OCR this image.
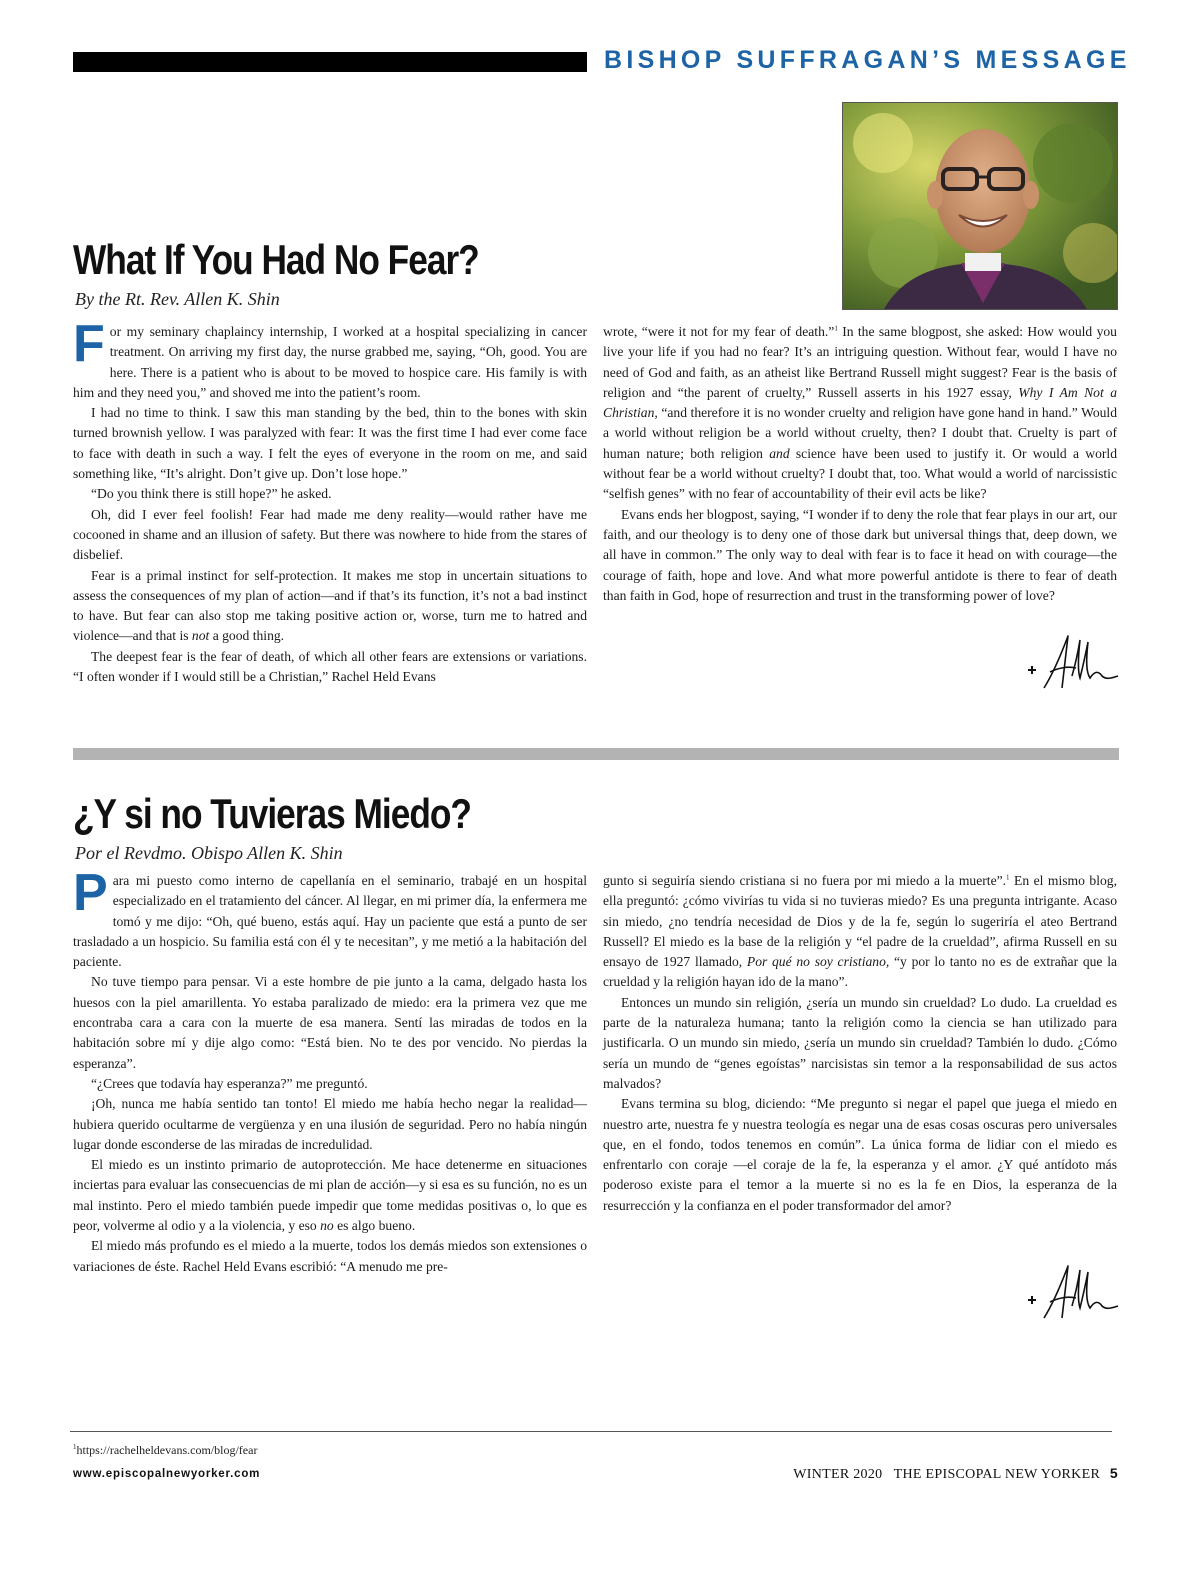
BISHOP SUFFRAGAN’S MESSAGE
What If You Had No Fear?
By the Rt. Rev. Allen K. Shin

For my seminary chaplaincy internship, I worked at a hospital specializing in cancer treatment. On arriving my first day, the nurse grabbed me, saying, “Oh, good. You are here. There is a patient who is about to be moved to hospice care. His family is with him and they need you,” and shoved me into the patient’s room.

I had no time to think. I saw this man standing by the bed, thin to the bones with skin turned brownish yellow. I was paralyzed with fear: It was the first time I had ever come face to face with death in such a way. I felt the eyes of everyone in the room on me, and said something like, “It’s alright. Don’t give up. Don’t lose hope.”

“Do you think there is still hope?” he asked.

Oh, did I ever feel foolish! Fear had made me deny reality—would rather have me cocooned in shame and an illusion of safety. But there was nowhere to hide from the stares of disbelief.

Fear is a primal instinct for self-protection. It makes me stop in uncertain situations to assess the consequences of my plan of action—and if that’s its function, it’s not a bad instinct to have. But fear can also stop me taking positive action or, worse, turn me to hatred and violence—and that is not a good thing.

The deepest fear is the fear of death, of which all other fears are extensions or variations. “I often wonder if I would still be a Christian,” Rachel Held Evans

wrote, “were it not for my fear of death.”$^1$ In the same blogpost, she asked: How would you live your life if you had no fear? It’s an intriguing question. Without fear, would I have no need of God and faith, as an atheist like Bertrand Russell might suggest? Fear is the basis of religion and “the parent of cruelty,” Russell asserts in his 1927 essay, Why I Am Not a Christian, “and therefore it is no wonder cruelty and religion have gone hand in hand.” Would a world without religion be a world without cruelty, then? I doubt that. Cruelty is part of human nature; both religion and science have been used to justify it. Or would a world without fear be a world without cruelty? I doubt that, too. What would a world of narcissistic “selfish genes” with no fear of accountability of their evil acts be like?

Evans ends her blogpost, saying, “I wonder if to deny the role that fear plays in our art, our faith, and our theology is to deny one of those dark but universal things that, deep down, we all have in common.” The only way to deal with fear is to face it head on with courage—the courage of faith, hope and love. And what more powerful antidote is there to fear of death than faith in God, hope of resurrection and trust in the transforming power of love?

¿Y si no Tuvieras Miedo?
Por el Revdmo. Obispo Allen K. Shin

Para mi puesto como interno de capellanía en el seminario, trabajé en un hospital especializado en el tratamiento del cáncer. Al llegar, en mi primer día, la enfermera me tomó y me dijo: “Oh, qué bueno, estás aquí. Hay un paciente que está a punto de ser trasladado a un hospicio. Su familia está con él y te necesitan”, y me metió a la habitación del paciente.

No tuve tiempo para pensar. Vi a este hombre de pie junto a la cama, delgado hasta los huesos con la piel amarillenta. Yo estaba paralizado de miedo: era la primera vez que me encontraba cara a cara con la muerte de esa manera. Sentí las miradas de todos en la habitación sobre mí y dije algo como: “Está bien. No te des por vencido. No pierdas la esperanza”.

“¿Crees que todavía hay esperanza?” me preguntó.

¡Oh, nunca me había sentido tan tonto! El miedo me había hecho negar la realidad—hubiera querido ocultarme de vergüenza y en una ilusión de seguridad. Pero no había ningún lugar donde esconderse de las miradas de incredulidad.

El miedo es un instinto primario de autoprotección. Me hace detenerme en situaciones inciertas para evaluar las consecuencias de mi plan de acción—y si esa es su función, no es un mal instinto. Pero el miedo también puede impedir que tome medidas positivas o, lo que es peor, volverme al odio y a la violencia, y eso no es algo bueno.

El miedo más profundo es el miedo a la muerte, todos los demás miedos son extensiones o variaciones de éste. Rachel Held Evans escribió: “A menudo me pre-

gunto si seguiría siendo cristiana si no fuera por mi miedo a la muerte”.$^1$ En el mismo blog, ella preguntó: ¿cómo vivirías tu vida si no tuvieras miedo? Es una pregunta intrigante. Acaso sin miedo, ¿no tendría necesidad de Dios y de la fe, según lo sugeriría el ateo Bertrand Russell? El miedo es la base de la religión y “el padre de la crueldad”, afirma Russell en su ensayo de 1927 llamado, Por qué no soy cristiano, “y por lo tanto no es de extrañar que la crueldad y la religión hayan ido de la mano”.

Entonces un mundo sin religión, ¿sería un mundo sin crueldad? Lo dudo. La crueldad es parte de la naturaleza humana; tanto la religión como la ciencia se han utilizado para justificarla. O un mundo sin miedo, ¿sería un mundo sin crueldad? También lo dudo. ¿Cómo sería un mundo de “genes egoístas” narcisistas sin temor a la responsabilidad de sus actos malvados?

Evans termina su blog, diciendo: “Me pregunto si negar el papel que juega el miedo en nuestro arte, nuestra fe y nuestra teología es negar una de esas cosas oscuras pero universales que, en el fondo, todos tenemos en común”. La única forma de lidiar con el miedo es enfrentarlo con coraje —el coraje de la fe, la esperanza y el amor. ¿Y qué antídoto más poderoso existe para el temor a la muerte si no es la fe en Dios, la esperanza de la resurrección y la confianza en el poder transformador del amor?

$^1$https://rachelheldevans.com/blog/fear
www.episcopalnewyorker.com	WINTER 2020 THE EPISCOPAL NEW YORKER 5
